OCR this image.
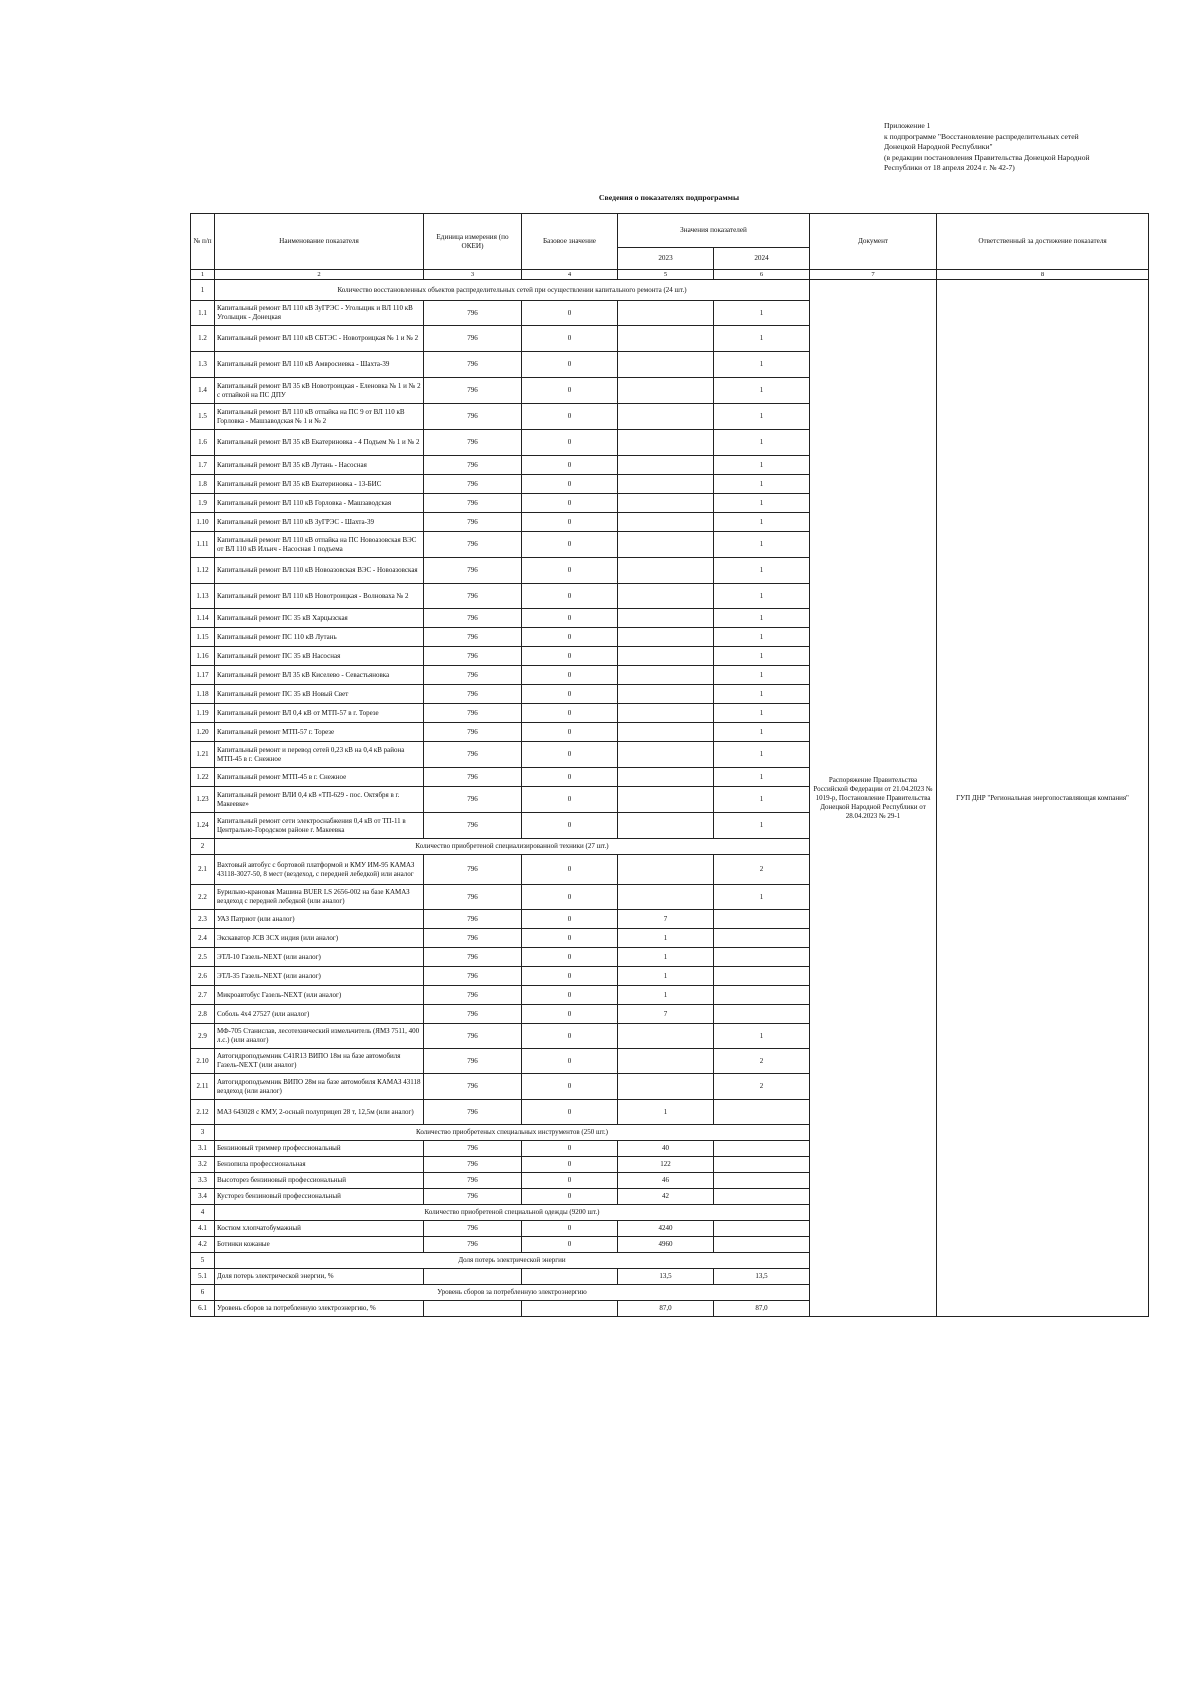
Приложение 1
к подпрограмме "Восстановление распределительных сетей
Донецкой Народной Республики"
(в редакции постановления Правительства Донецкой Народной
Республики от 18 апреля 2024 г. № 42-7)
Сведения о показателях подпрограммы
№ п/п	Наименование показателя	Единица измерения (по ОКЕИ)	Базовое значение	Значения показателей		Документ	Ответственный за достижение показателя
				2023	2024		
1	2	3	4	5	6	7	8
1	Количество восстановленных объектов распределительных сетей при осуществлении капитального ремонта (24 шт.)					Распоряжение Правительства Российской Федерации от 21.04.2023 № 1019-р, Постановление Правительства Донецкой Народной Республики от 28.04.2023 № 29-1	ГУП ДНР "Региональная энергопоставляющая компания"
1.1	Капитальный ремонт ВЛ 110 кВ ЗуГРЭС - Угольщик и ВЛ 110 кВ Угольщик - Донецкая	796	0		1		
1.2	Капитальный ремонт ВЛ 110 кВ СБТЭС - Новотроицкая № 1 и № 2	796	0		1		
1.3	Капитальный ремонт ВЛ 110 кВ Амвросиевка - Шахта-39	796	0		1		
1.4	Капитальный ремонт ВЛ 35 кВ Новотроицкая - Еленовка № 1 и № 2 с отпайкой на ПС ДПУ	796	0		1		
1.5	Капитальный ремонт ВЛ 110 кВ отпайка на ПС 9 от ВЛ 110 кВ Горловка - Машзаводская № 1 и № 2	796	0		1		
1.6	Капитальный ремонт ВЛ 35 кВ Екатериновка - 4 Подъем № 1 и № 2	796	0		1		
1.7	Капитальный ремонт ВЛ 35 кВ Лутань - Насосная	796	0		1		
1.8	Капитальный ремонт ВЛ 35 кВ Екатериновка - 13-БИС	796	0		1		
1.9	Капитальный ремонт ВЛ 110 кВ Горловка - Машзаводская	796	0		1		
1.10	Капитальный ремонт ВЛ 110 кВ ЗуГРЭС - Шахта-39	796	0		1		
1.11	Капитальный ремонт ВЛ 110 кВ отпайка на ПС Новоазовская ВЭС от ВЛ 110 кВ Ильич - Насосная 1 подъема	796	0		1		
1.12	Капитальный ремонт ВЛ 110 кВ Новоазовская ВЭС - Новоазовская	796	0		1		
1.13	Капитальный ремонт ВЛ 110 кВ Новотроицкая - Волноваха № 2	796	0		1		
1.14	Капитальный ремонт ПС 35 кВ Харцызская	796	0		1		
1.15	Капитальный ремонт ПС 110 кВ Лутань	796	0		1		
1.16	Капитальный ремонт ПС 35 кВ Насосная	796	0		1		
1.17	Капитальный ремонт ВЛ 35 кВ Киселево - Севастьяновка	796	0		1		
1.18	Капитальный ремонт ПС 35 кВ Новый Свет	796	0		1		
1.19	Капитальный ремонт ВЛ 0,4 кВ от МТП-57 в г. Торезе	796	0		1		
1.20	Капитальный ремонт МТП-57 г. Торезе	796	0		1		
1.21	Капитальный ремонт и перевод сетей 0,23 кВ на 0,4 кВ района МТП-45 в г. Снежное	796	0		1		
1.22	Капитальный ремонт МТП-45 в г. Снежное	796	0		1		
1.23	Капитальный ремонт ВЛИ 0,4 кВ «ТП-629 - пос. Октября в г. Макеевке»	796	0		1		
1.24	Капитальный ремонт сети электроснабжения 0,4 кВ от ТП-11 в Центрально-Городском районе г. Макеевка	796	0		1		
2	Количество приобретеной специализированной техники (27 шт.)						
2.1	Вахтовый автобус с бортовой платформой и КМУ ИМ-95 КАМАЗ 43118-3027-50, 8 мест (вездеход, с передней лебедкой) или аналог	796	0		2		
2.2	Бурильно-крановая Машина BUER LS 2656-002 на базе КАМАЗ вездеход с передней лебедкой (или аналог)	796	0		1		
2.3	УАЗ Патриот (или аналог)	796	0	7			
2.4	Экскаватор JCB 3CX индия (или аналог)	796	0	1			
2.5	ЭТЛ-10 Газель-NEXT (или аналог)	796	0	1			
2.6	ЭТЛ-35 Газель-NEXT (или аналог)	796	0	1			
2.7	Микроавтобус Газель-NEXT (или аналог)	796	0	1			
2.8	Соболь 4х4 27527 (или аналог)	796	0	7			
2.9	МФ-705 Станислав, лесотехнический измельчитель (ЯМЗ 7511, 400 л.с.) (или аналог)	796	0		1		
2.10	Автогидроподъемник C41R13 ВИПО 18м на базе автомобиля Газель-NEXT (или аналог)	796	0		2		
2.11	Автогидроподъемник ВИПО 28м на базе автомобиля КАМАЗ 43118 вездеход (или аналог)	796	0		2		
2.12	МАЗ 643028 с КМУ, 2-осный полуприцеп 28 т, 12,5м (или аналог)	796	0	1			
3	Количество приобретеных специальных инструментов (250 шт.)						
3.1	Бензиновый триммер профессиональный	796	0	40			
3.2	Бензопила профессиональная	796	0	122			
3.3	Высоторез бензиновый профессиональный	796	0	46			
3.4	Кусторез бензиновый профессиональный	796	0	42			
4	Количество приобретеной специальной одежды (9200 шт.)						
4.1	Костюм хлопчатобумажный	796	0	4240			
4.2	Ботинки кожаные	796	0	4960			
5	Доля потерь электрической энергии						
5.1	Доля потерь электрической энергии, %			13,5	13,5		
6	Уровень сборов за потребленную электроэнергию						
6.1	Уровень сборов за потребленную электроэнергию, %			87,0	87,0		
